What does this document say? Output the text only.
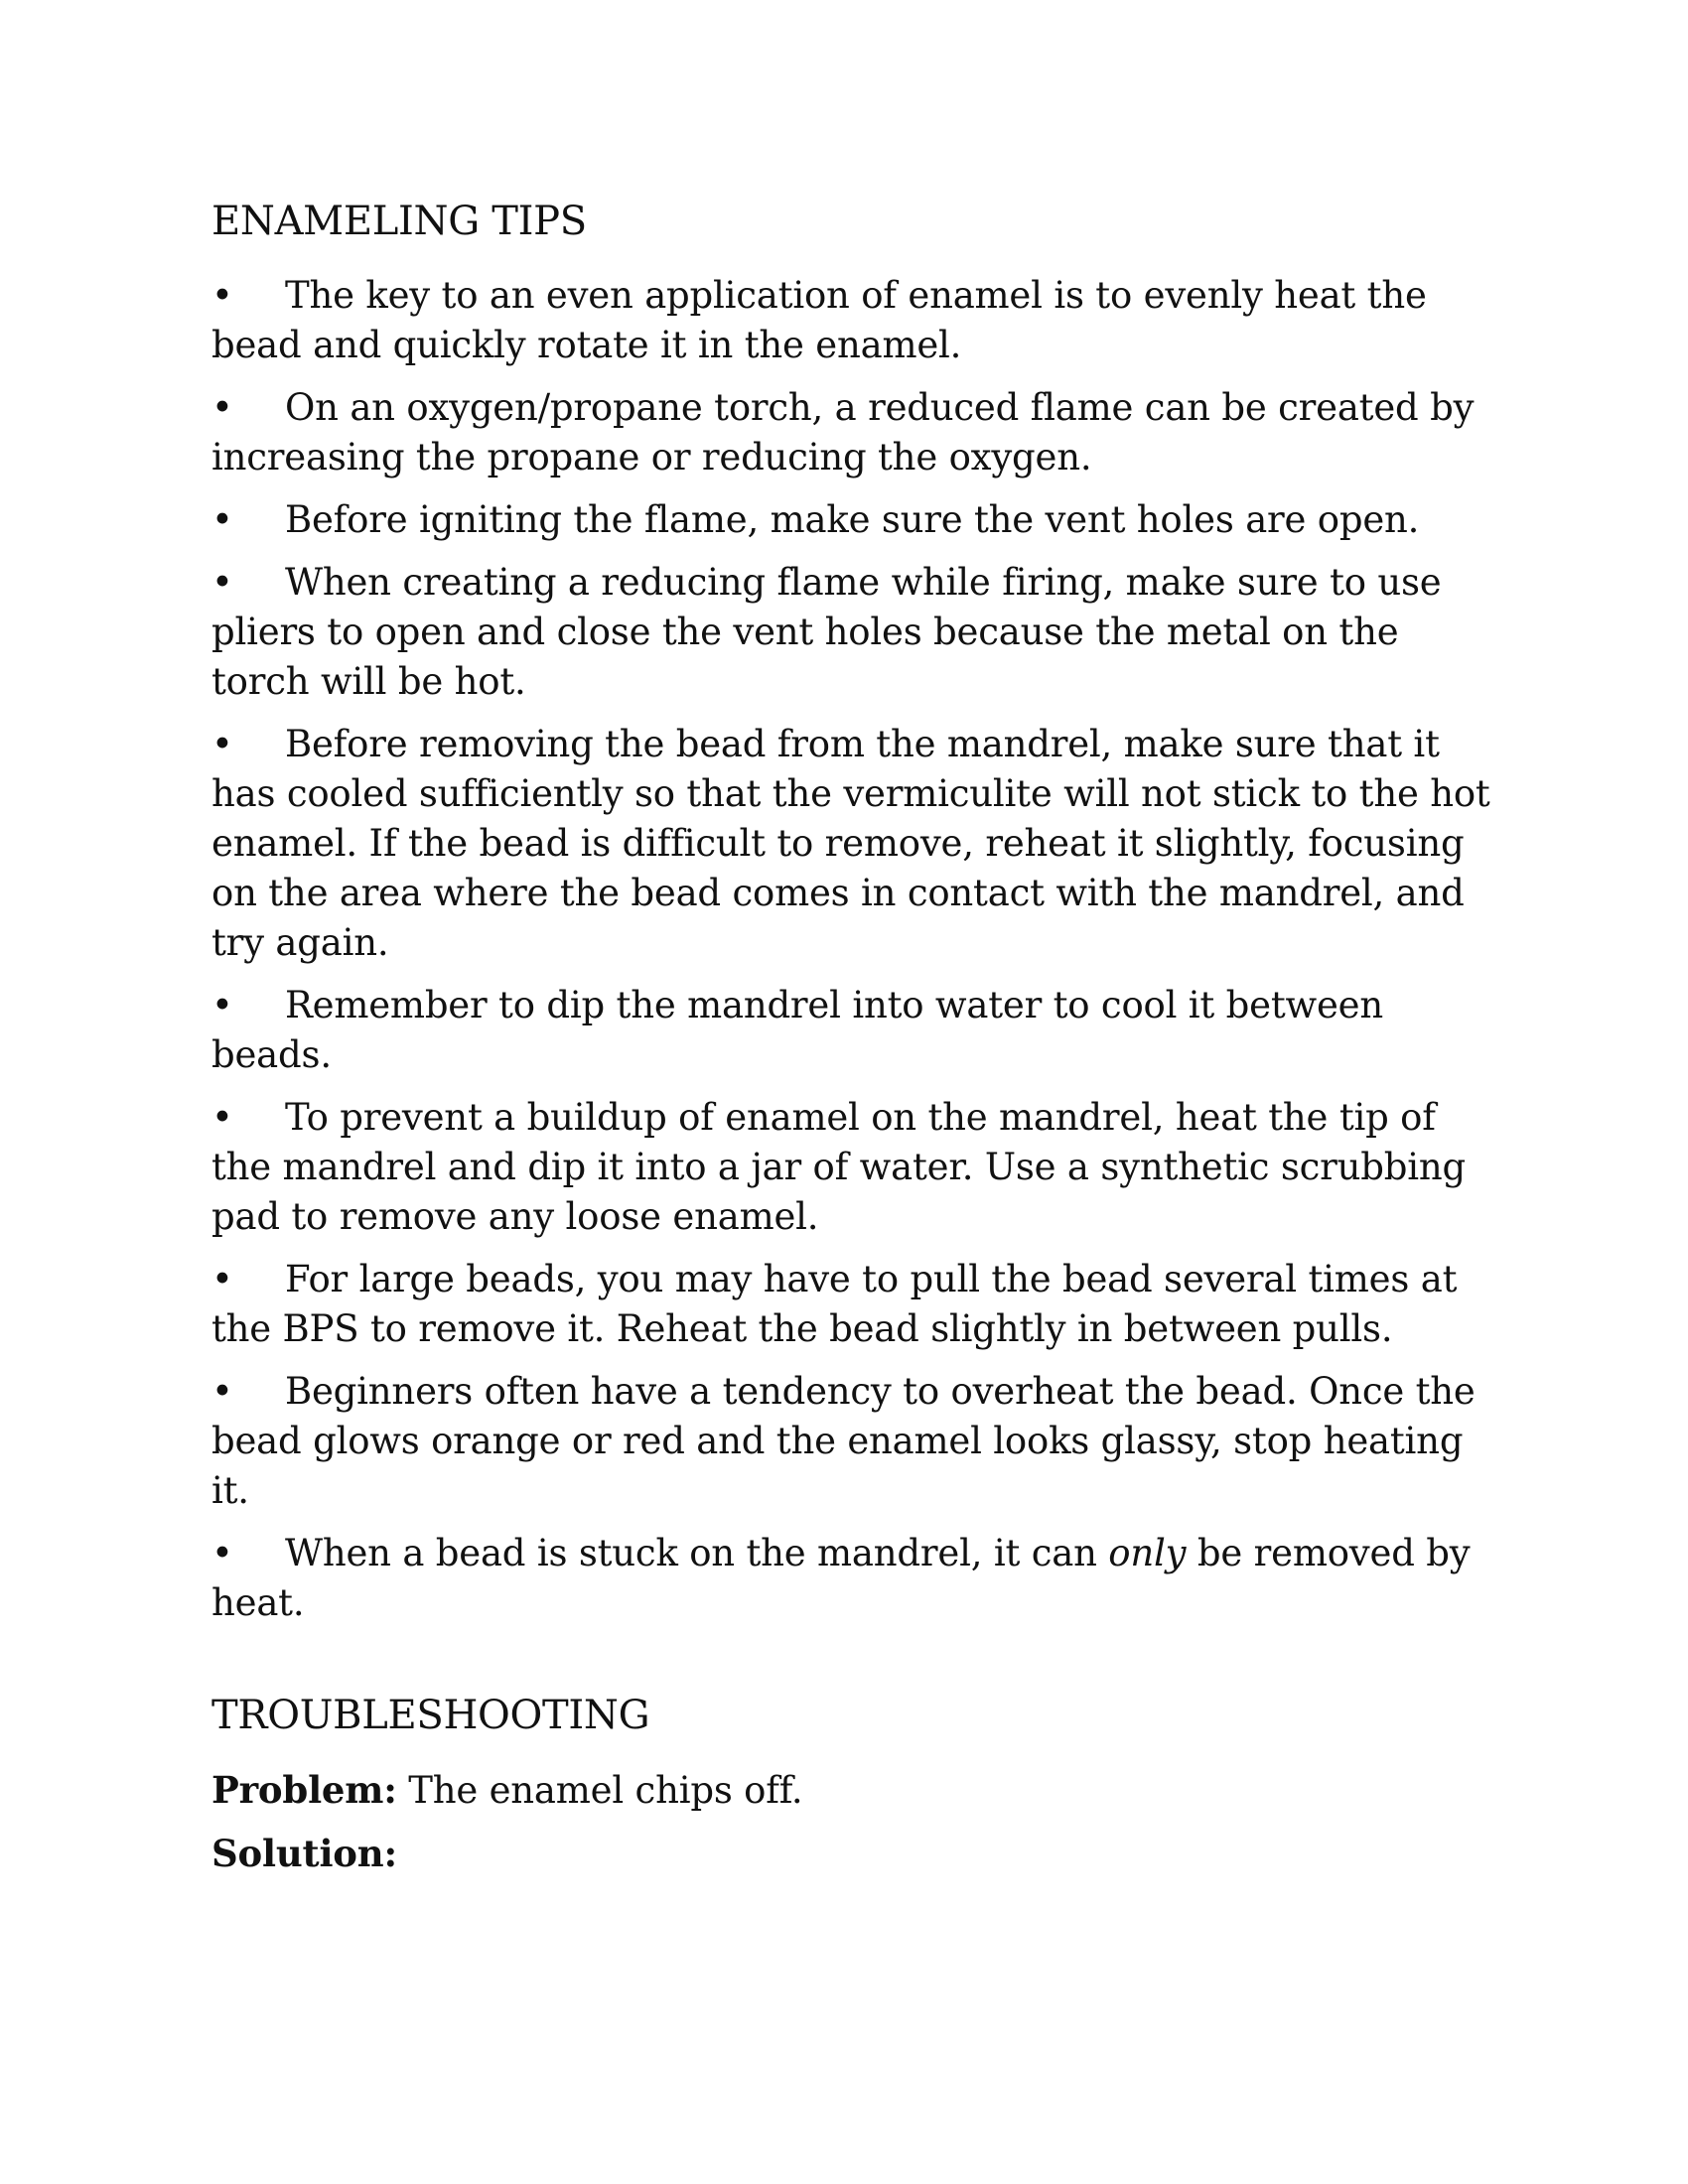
ENAMELING TIPS
• The key to an even application of enamel is to evenly heat the bead and quickly rotate it in the enamel.
• On an oxygen/propane torch, a reduced flame can be created by increasing the propane or reducing the oxygen.
• Before igniting the flame, make sure the vent holes are open.
• When creating a reducing flame while firing, make sure to use pliers to open and close the vent holes because the metal on the torch will be hot.
• Before removing the bead from the mandrel, make sure that it has cooled sufficiently so that the vermiculite will not stick to the hot enamel. If the bead is difficult to remove, reheat it slightly, focusing on the area where the bead comes in contact with the mandrel, and try again.
• Remember to dip the mandrel into water to cool it between beads.
• To prevent a buildup of enamel on the mandrel, heat the tip of the mandrel and dip it into a jar of water. Use a synthetic scrubbing pad to remove any loose enamel.
• For large beads, you may have to pull the bead several times at the BPS to remove it. Reheat the bead slightly in between pulls.
• Beginners often have a tendency to overheat the bead. Once the bead glows orange or red and the enamel looks glassy, stop heating it.
• When a bead is stuck on the mandrel, it can only be removed by heat.
TROUBLESHOOTING
Problem: The enamel chips off.
Solution:
